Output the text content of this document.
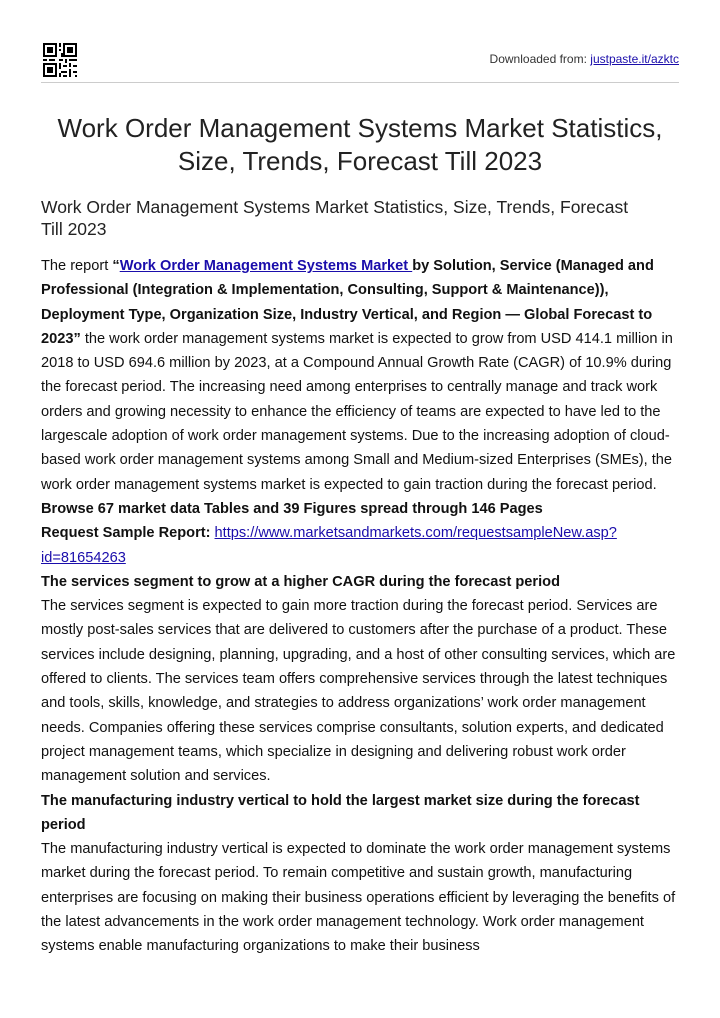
Downloaded from: justpaste.it/azktc
Work Order Management Systems Market Statistics, Size, Trends, Forecast Till 2023
Work Order Management Systems Market Statistics, Size, Trends, Forecast Till 2023

The report “Work Order Management Systems Market by Solution, Service (Managed and Professional (Integration & Implementation, Consulting, Support & Maintenance)), Deployment Type, Organization Size, Industry Vertical, and Region — Global Forecast to 2023” the work order management systems market is expected to grow from USD 414.1 million in 2018 to USD 694.6 million by 2023, at a Compound Annual Growth Rate (CAGR) of 10.9% during the forecast period. The increasing need among enterprises to centrally manage and track work orders and growing necessity to enhance the efficiency of teams are expected to have led to the largescale adoption of work order management systems. Due to the increasing adoption of cloud-based work order management systems among Small and Medium-sized Enterprises (SMEs), the work order management systems market is expected to gain traction during the forecast period.

Browse 67 market data Tables and 39 Figures spread through 146 Pages

Request Sample Report: https://www.marketsandmarkets.com/requestsampleNew.asp?id=81654263

The services segment to grow at a higher CAGR during the forecast period

The services segment is expected to gain more traction during the forecast period. Services are mostly post-sales services that are delivered to customers after the purchase of a product. These services include designing, planning, upgrading, and a host of other consulting services, which are offered to clients. The services team offers comprehensive services through the latest techniques and tools, skills, knowledge, and strategies to address organizations’ work order management needs. Companies offering these services comprise consultants, solution experts, and dedicated project management teams, which specialize in designing and delivering robust work order management solution and services.

The manufacturing industry vertical to hold the largest market size during the forecast period

The manufacturing industry vertical is expected to dominate the work order management systems market during the forecast period. To remain competitive and sustain growth, manufacturing enterprises are focusing on making their business operations efficient by leveraging the benefits of the latest advancements in the work order management technology. Work order management systems enable manufacturing organizations to make their business
